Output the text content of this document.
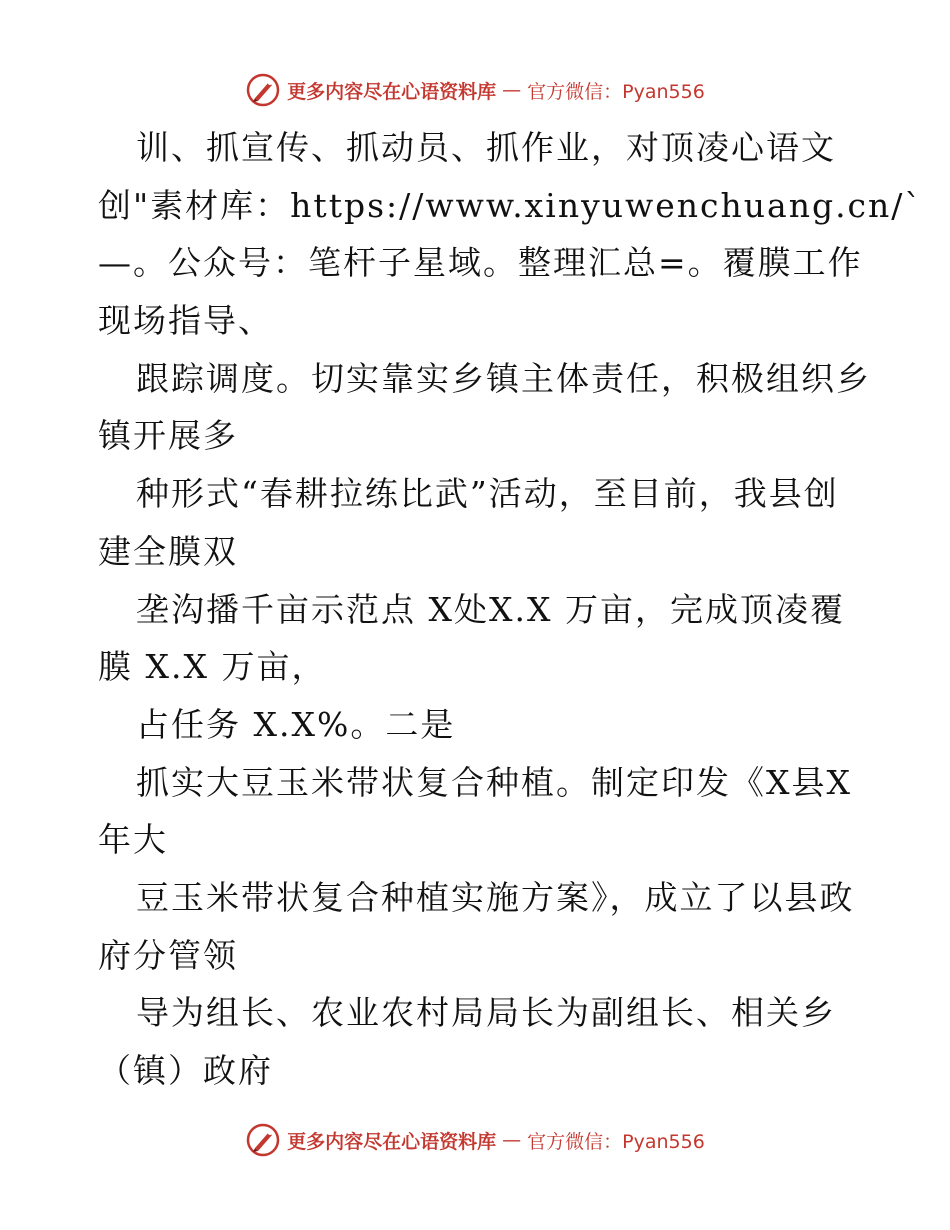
更多内容尽在心语资料库 — 官方微信：Pyan556
训、抓宣传、抓动员、抓作业，对顶凌心语文
创"素材库：https://www.xinyuwenchuang.cn/`
—。公众号：笔杆子星域。整理汇总=。覆膜工作
现场指导、
跟踪调度。切实靠实乡镇主体责任，积极组织乡
镇开展多
种形式“春耕拉练比武”活动，至目前，我县创
建全膜双
垄沟播千亩示范点 X处X.X 万亩，完成顶凌覆
膜 X.X 万亩，
占任务 X.X%。二是
抓实大豆玉米带状复合种植。制定印发《X县X
年大
豆玉米带状复合种植实施方案》，成立了以县政
府分管领
导为组长、农业农村局局长为副组长、相关乡
（镇）政府
更多内容尽在心语资料库 — 官方微信：Pyan556
